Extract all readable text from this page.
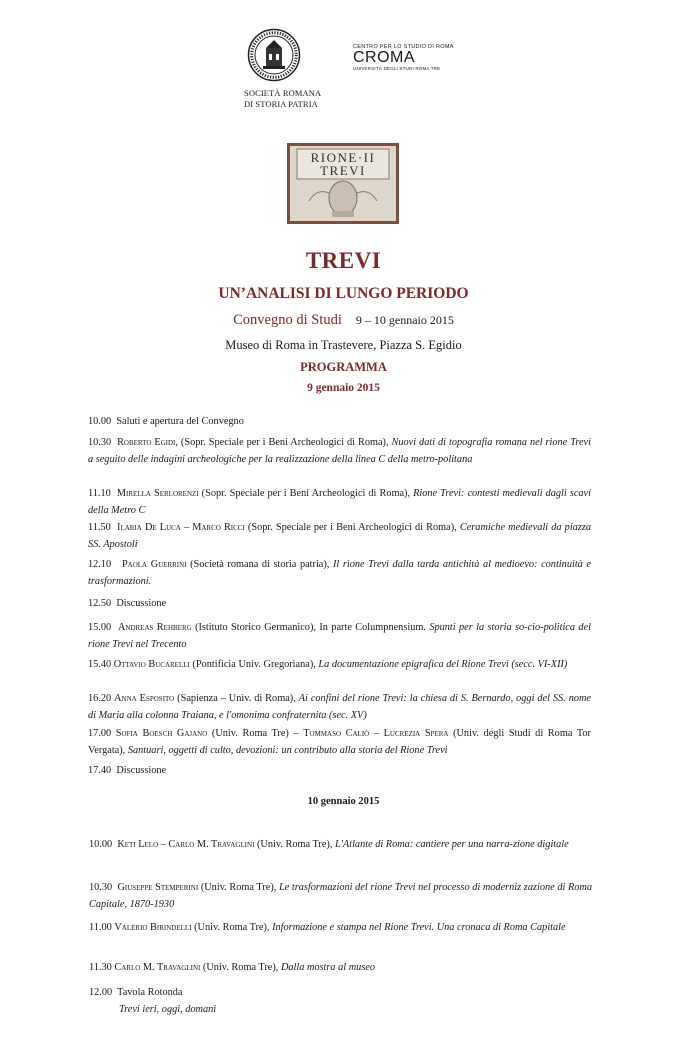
SOCIETÀ ROMANA
DI STORIA PATRIA
CENTRO PER LO STUDIO DI ROMA
CROMA
UNIVERSITÀ DEGLI STUDI ROMA TRE
RIONE·II
TREVI
TREVI
UN’ANALISI DI LUNGO PERIODO
Convegno di Studi 9 – 10 gennaio 2015
Museo di Roma in Trastevere, Piazza S. Egidio
PROGRAMMA
9 gennaio 2015
10.00 Saluti e apertura del Convegno
10.30 Roberto Egidi, (Sopr. Speciale per i Beni Archeologici di Roma), Nuovi dati di topografia romana nel rione Trevi a seguito delle indagini archeologiche per la realizzazione della linea C della metro-politana
11.10 Mirella Serlorenzi (Sopr. Speciale per i Beni Archeologici di Roma), Rione Trevi: contesti medievali dagli scavi della Metro C
11.50 Ilaria De Luca – Marco Ricci (Sopr. Speciale per i Beni Archeologici di Roma), Ceramiche medievali da piazza SS. Apostoli
12.10 Paola Guerrini (Società romana di storia patria), Il rione Trevi dalla tarda antichità al medioevo: continuità e trasformazioni.
12.50 Discussione
15.00 Andreas Rehberg (Istituto Storico Germanico), In parte Columpnensium. Spunti per la storia so-cio-politica del rione Trevi nel Trecento
15.40 Ottavio Bucarelli (Pontificia Univ. Gregoriana), La documentazione epigrafica del Rione Trevi (secc. VI-XII)
16.20 Anna Esposito (Sapienza – Univ. di Roma), Ai confini del rione Trevi: la chiesa di S. Bernardo, oggi del SS. nome di Maria alla colonna Traiana, e l'omonima confraternita (sec. XV)
17.00 Sofia Boesch Gajano (Univ. Roma Tre) – Tommaso Caliò – Lucrezia Spera (Univ. degli Studi di Roma Tor Vergata), Santuari, oggetti di culto, devozioni: un contributo alla storia del Rione Trevi
17.40 Discussione
10 gennaio 2015
10.00 Keti Lelo – Carlo M. Travaglini (Univ. Roma Tre), L'Atlante di Roma: cantiere per una narra-zione digitale
10.30 Giuseppe Stemperini (Univ. Roma Tre), Le trasformazioni del rione Trevi nel processo di moderniz zazione di Roma Capitale, 1870-1930
11.00 Valerio Birindelli (Univ. Roma Tre), Informazione e stampa nel Rione Trevi. Una cronaca di Roma Capitale
11.30 Carlo M. Travaglini (Univ. Roma Tre), Dalla mostra al museo
12.00 Tavola Rotonda
Trevi ieri, oggi, domani
